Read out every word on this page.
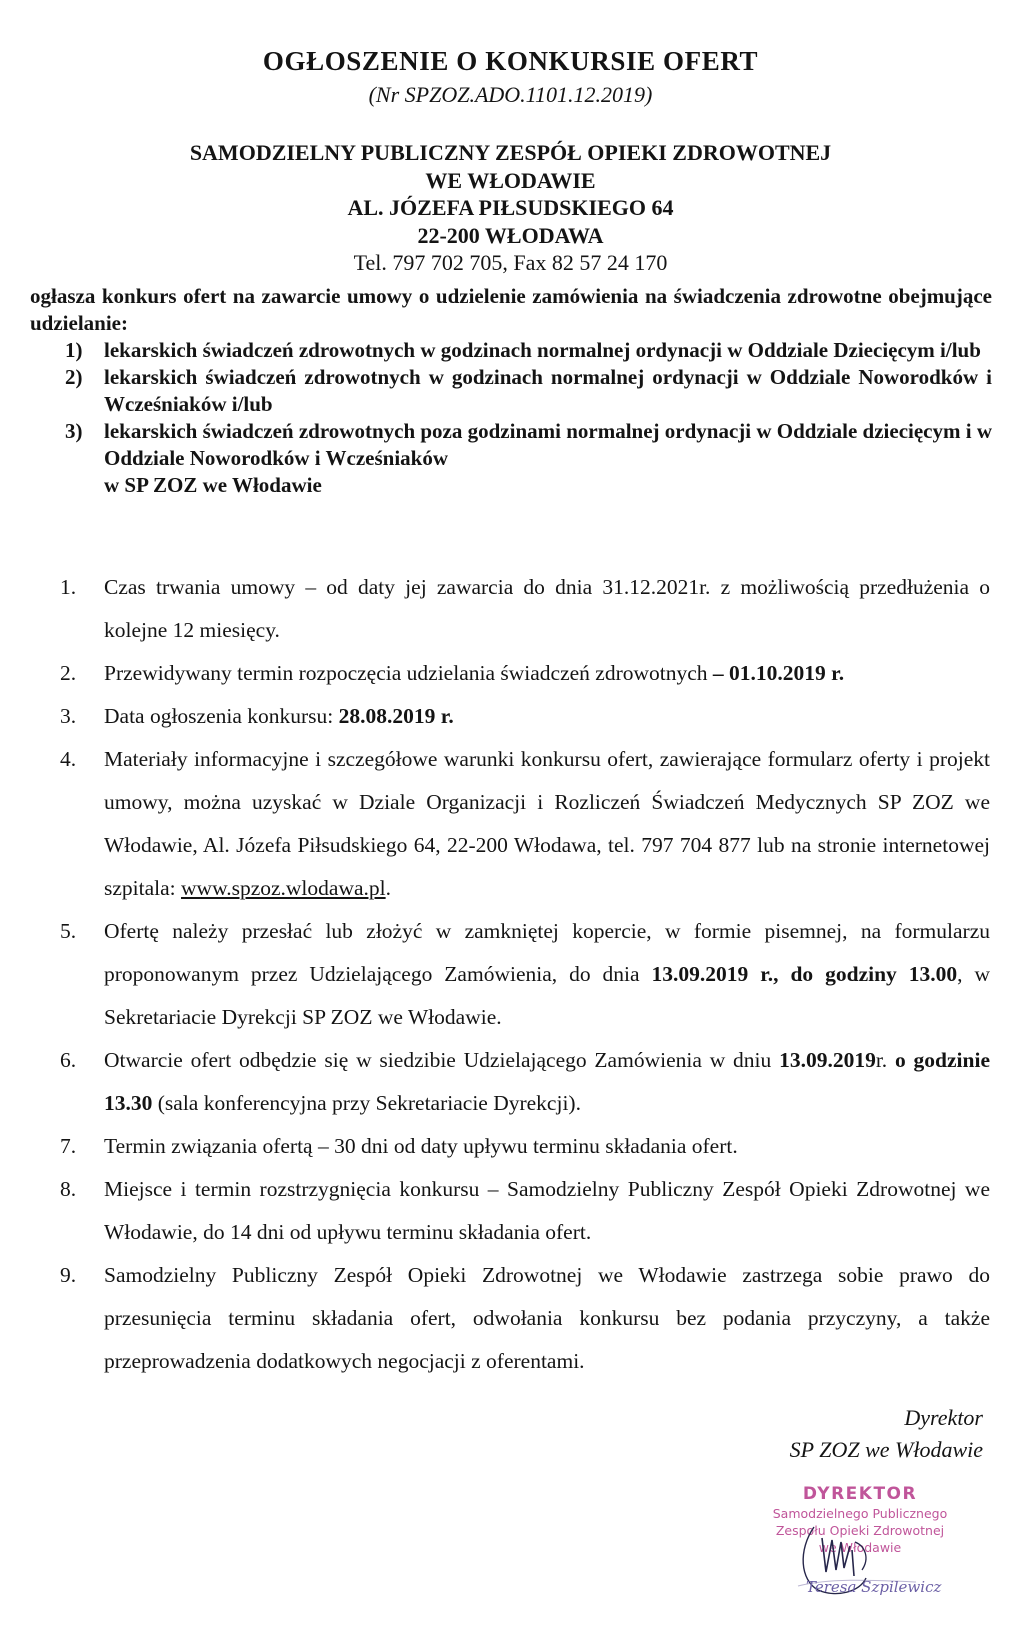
OGŁOSZENIE O KONKURSIE OFERT
(Nr SPZOZ.ADO.1101.12.2019)
SAMODZIELNY PUBLICZNY ZESPÓŁ OPIEKI ZDROWOTNEJ
WE WŁODAWIE
AL. JÓZEFA PIŁSUDSKIEGO 64
22-200 WŁODAWA
Tel. 797 702 705, Fax 82 57 24 170

ogłasza konkurs ofert na zawarcie umowy o udzielenie zamówienia na świadczenia zdrowotne obejmujące udzielanie:

1) lekarskich świadczeń zdrowotnych w godzinach normalnej ordynacji w Oddziale Dziecięcym i/lub
2) lekarskich świadczeń zdrowotnych w godzinach normalnej ordynacji w Oddziale Noworodków i Wcześniaków i/lub
3) lekarskich świadczeń zdrowotnych poza godzinami normalnej ordynacji w Oddziale dziecięcym i w Oddziale Noworodków i Wcześniaków
w SP ZOZ we Włodawie
1. Czas trwania umowy – od daty jej zawarcia do dnia 31.12.2021r. z możliwością przedłużenia o kolejne 12 miesięcy.
2. Przewidywany termin rozpoczęcia udzielania świadczeń zdrowotnych – 01.10.2019 r.
3. Data ogłoszenia konkursu: 28.08.2019 r.
4. Materiały informacyjne i szczegółowe warunki konkursu ofert, zawierające formularz oferty i projekt umowy, można uzyskać w Dziale Organizacji i Rozliczeń Świadczeń Medycznych SP ZOZ we Włodawie, Al. Józefa Piłsudskiego 64, 22-200 Włodawa, tel. 797 704 877 lub na stronie internetowej szpitala: www.spzoz.wlodawa.pl.
5. Ofertę należy przesłać lub złożyć w zamkniętej kopercie, w formie pisemnej, na formularzu proponowanym przez Udzielającego Zamówienia, do dnia 13.09.2019 r., do godziny 13.00, w Sekretariacie Dyrekcji SP ZOZ we Włodawie.
6. Otwarcie ofert odbędzie się w siedzibie Udzielającego Zamówienia w dniu 13.09.2019r. o godzinie 13.30 (sala konferencyjna przy Sekretariacie Dyrekcji).
7. Termin związania ofertą – 30 dni od daty upływu terminu składania ofert.
8. Miejsce i termin rozstrzygnięcia konkursu – Samodzielny Publiczny Zespół Opieki Zdrowotnej we Włodawie, do 14 dni od upływu terminu składania ofert.
9. Samodzielny Publiczny Zespół Opieki Zdrowotnej we Włodawie zastrzega sobie prawo do przesunięcia terminu składania ofert, odwołania konkursu bez podania przyczyny, a także przeprowadzenia dodatkowych negocjacji z oferentami.
Dyrektor
SP ZOZ we Włodawie
DYREKTOR
Samodzielnego Publicznego
Zespołu Opieki Zdrowotnej
we Włodawie
Teresa Szpilewicz
